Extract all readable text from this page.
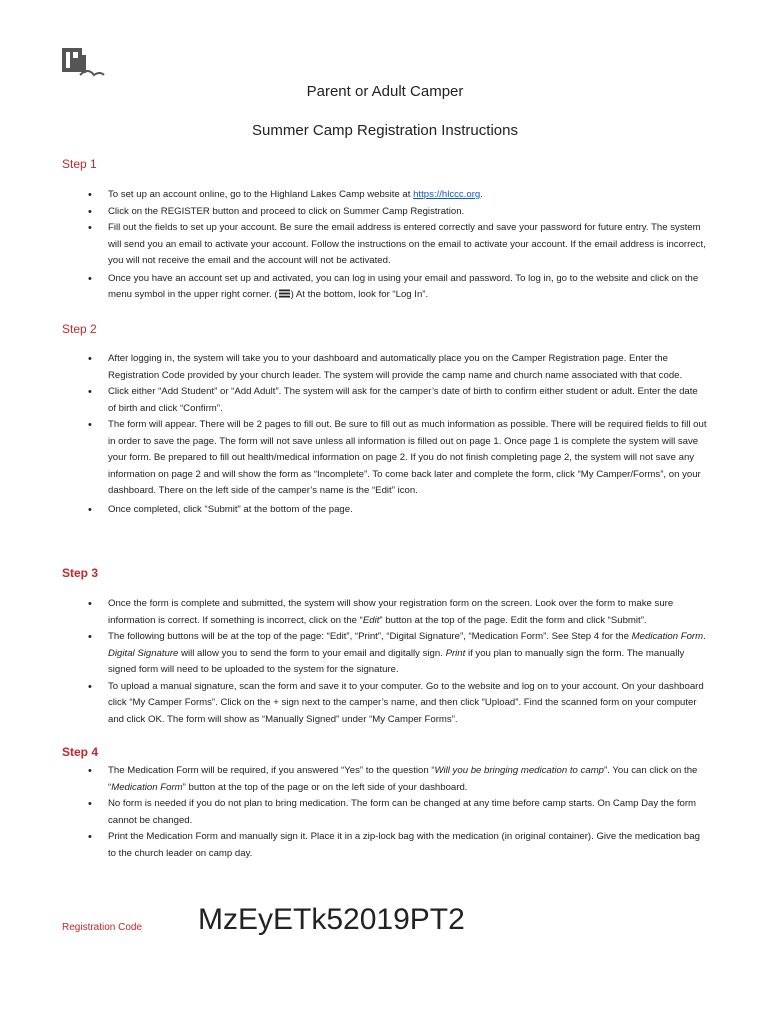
Parent or Adult Camper
Summer Camp Registration Instructions
Step 1
• To set up an account online, go to the Highland Lakes Camp website at https://hlccc.org.
• Click on the REGISTER button and proceed to click on Summer Camp Registration.
• Fill out the fields to set up your account. Be sure the email address is entered correctly and save your password for future entry. The system will send you an email to activate your account. Follow the instructions on the email to activate your account. If the email address is incorrect, you will not receive the email and the account will not be activated.
• Once you have an account set up and activated, you can log in using your email and password. To log in, go to the website and click on the menu symbol in the upper right corner. ( ) At the bottom, look for “Log In”.
Step 2
• After logging in, the system will take you to your dashboard and automatically place you on the Camper Registration page. Enter the Registration Code provided by your church leader. The system will provide the camp name and church name associated with that code.
• Click either “Add Student” or “Add Adult”. The system will ask for the camper’s date of birth to confirm either student or adult. Enter the date of birth and click “Confirm”.
• The form will appear. There will be 2 pages to fill out. Be sure to fill out as much information as possible. There will be required fields to fill out in order to save the page. The form will not save unless all information is filled out on page 1. Once page 1 is complete the system will save your form. Be prepared to fill out health/medical information on page 2. If you do not finish completing page 2, the system will not save any information on page 2 and will show the form as “Incomplete”. To come back later and complete the form, click “My Camper/Forms”, on your dashboard. There on the left side of the camper’s name is the “Edit” icon.
• Once completed, click “Submit” at the bottom of the page.
Step 3
• Once the form is complete and submitted, the system will show your registration form on the screen. Look over the form to make sure information is correct. If something is incorrect, click on the “Edit” button at the top of the page. Edit the form and click “Submit”.
• The following buttons will be at the top of the page: “Edit”, “Print”, “Digital Signature”, “Medication Form”. See Step 4 for the Medication Form. Digital Signature will allow you to send the form to your email and digitally sign. Print if you plan to manually sign the form. The manually signed form will need to be uploaded to the system for the signature.
• To upload a manual signature, scan the form and save it to your computer. Go to the website and log on to your account. On your dashboard click “My Camper Forms”. Click on the + sign next to the camper’s name, and then click “Upload”. Find the scanned form on your computer and click OK. The form will show as “Manually Signed” under “My Camper Forms”.
Step 4
• The Medication Form will be required, if you answered “Yes” to the question “Will you be bringing medication to camp”. You can click on the “Medication Form” button at the top of the page or on the left side of your dashboard.
• No form is needed if you do not plan to bring medication. The form can be changed at any time before camp starts. On Camp Day the form cannot be changed.
• Print the Medication Form and manually sign it. Place it in a zip-lock bag with the medication (in original container). Give the medication bag to the church leader on camp day.
Registration Code MzEyETk52019PT2
